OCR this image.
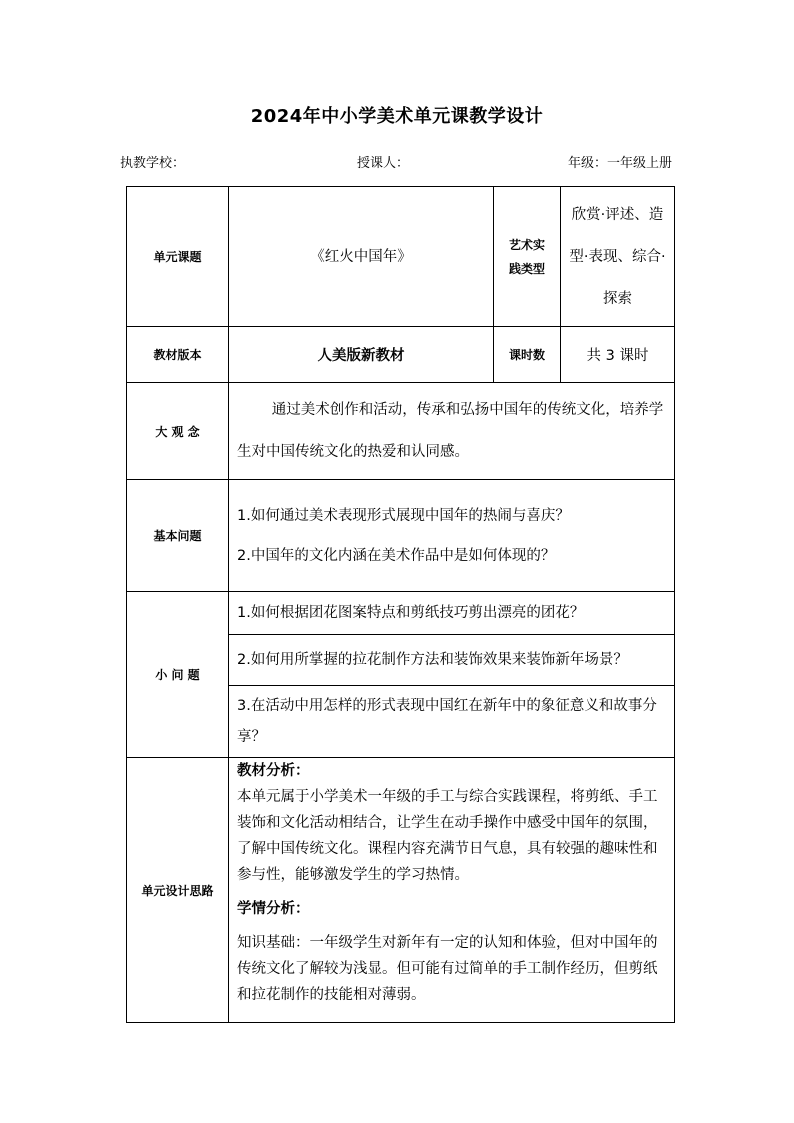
2024年中小学美术单元课教学设计
执教学校：	授课人：	年级：一年级上册
单元课题	《红火中国年》	艺术实践类型	欣赏·评述、造型·表现、综合·探索
教材版本	人美版新教材	课时数	共 3 课时
大 观 念	通过美术创作和活动，传承和弘扬中国年的传统文化，培养学生对中国传统文化的热爱和认同感。		
基本问题	1.如何通过美术表现形式展现中国年的热闹与喜庆？
2.中国年的文化内涵在美术作品中是如何体现的？		

小 问 题	1.如何根据团花图案特点和剪纸技巧剪出漂亮的团花？		
	2.如何用所掌握的拉花制作方法和装饰效果来装饰新年场景？		
	3.在活动中用怎样的形式表现中国红在新年中的象征意义和故事分享？		
单元设计思路	教材分析：
本单元属于小学美术一年级的手工与综合实践课程，将剪纸、手工装饰和文化活动相结合，让学生在动手操作中感受中国年的氛围，了解中国传统文化。课程内容充满节日气息，具有较强的趣味性和参与性，能够激发学生的学习热情。
学情分析：
知识基础：一年级学生对新年有一定的认知和体验，但对中国年的传统文化了解较为浅显。但可能有过简单的手工制作经历，但剪纸和拉花制作的技能相对薄弱。		
